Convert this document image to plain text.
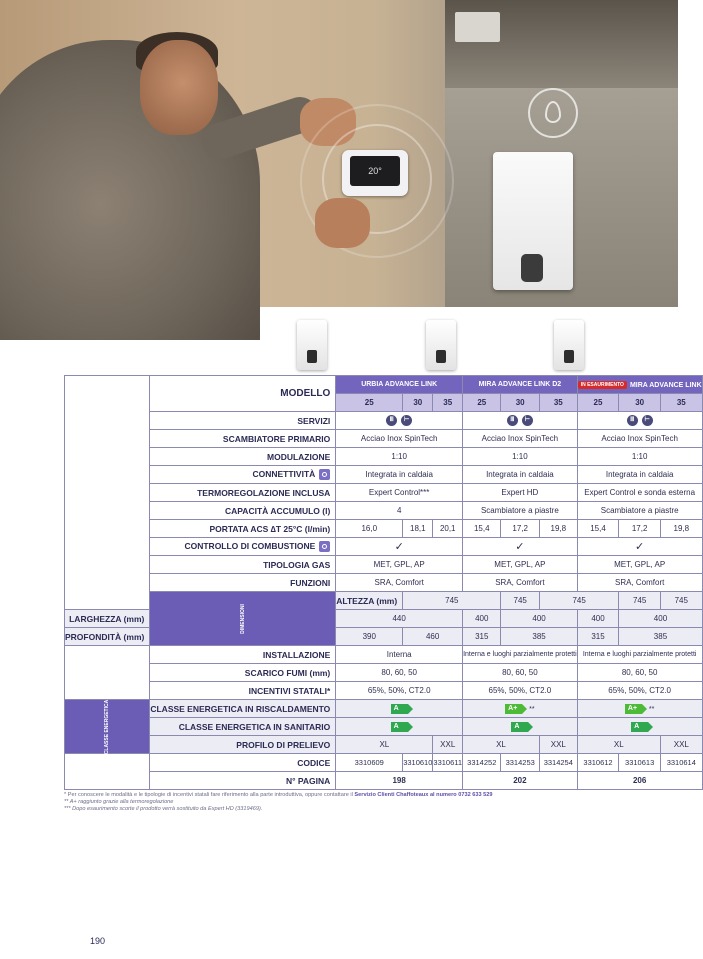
20°
	MODELLO	URBIA ADVANCE LINK			MIRA ADVANCE LINK D2			IN ESAURIMENTO MIRA ADVANCE LINK		
		25	30	35	25	30	35	25	30	35
	SERVIZI	Ⅲ ⊢			Ⅲ ⊢			Ⅲ ⊢		
	SCAMBIATORE PRIMARIO	Acciao Inox SpinTech			Acciao Inox SpinTech			Acciao Inox SpinTech		
	MODULAZIONE	1:10			1:10			1:10		
	CONNETTIVITÀ	Integrata in caldaia			Integrata in caldaia			Integrata in caldaia		
	TERMOREGOLAZIONE INCLUSA	Expert Control***			Expert HD			Expert Control e sonda esterna		
	CAPACITÀ ACCUMULO (l)	4			Scambiatore a piastre			Scambiatore a piastre		
	PORTATA ACS ∆T 25°C (l/min)	16,0	18,1	20,1	15,4	17,2	19,8	15,4	17,2	19,8
	CONTROLLO DI COMBUSTIONE	✓			✓			✓		
	TIPOLOGIA GAS	MET, GPL, AP			MET, GPL, AP			MET, GPL, AP		
	FUNZIONI	SRA, Comfort			SRA, Comfort			SRA, Comfort		
	DIMENSIONI	ALTEZZA (mm)	745			745	745		745	745
LARGHEZZA (mm)		440			400	400		400	400	
PROFONDITÀ (mm)		390	460		315	385		315	385	
	INSTALLAZIONE	Interna			Interna e luoghi parzialmente protetti			Interna e luoghi parzialmente protetti		
	SCARICO FUMI (mm)	80, 60, 50			80, 60, 50			80, 60, 50		
	INCENTIVI STATALI*	65%, 50%, CT2.0			65%, 50%, CT2.0			65%, 50%, CT2.0		
CLASSE ENERGETICA	CLASSE ENERGETICA IN RISCALDAMENTO	A			A+ **			A+ **		
	CLASSE ENERGETICA IN SANITARIO	A			A			A		
	PROFILO DI PRELIEVO	XL		XXL	XL		XXL	XL		XXL
	CODICE	3310609	3310610	3310611	3314252	3314253	3314254	3310612	3310613	3310614
	N° PAGINA	198			202			206		
* Per conoscere le modalità e le tipologie di incentivi statali fare riferimento alla parte introduttiva, oppure contattare il Servizio Clienti Chaffoteaux al numero 0732 633 529
** A+ raggiunto grazie alla termoregolazione
*** Dopo esaurimento scorte il prodotto verrà sostituito da Expert HD (3319469).
190
